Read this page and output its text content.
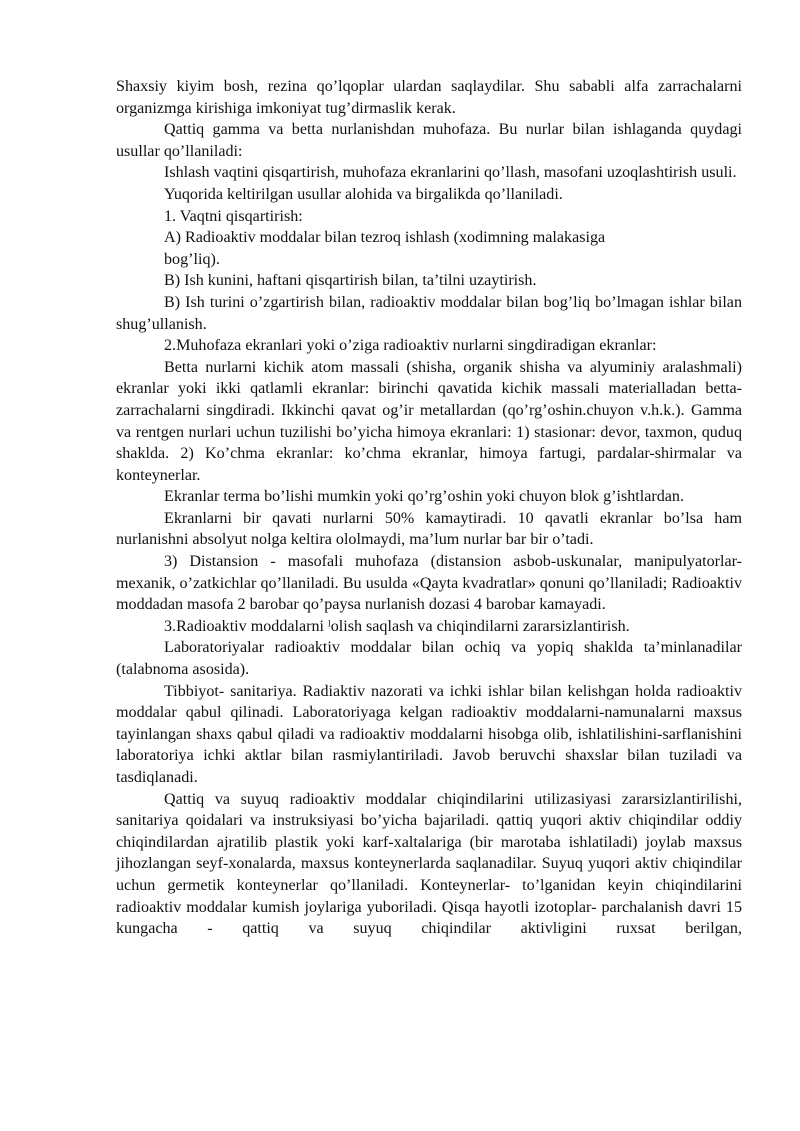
Shaxsiy kiyim bosh, rezina qo’lqoplar ulardan saqlaydilar. Shu sababli alfa zarrachalarni organizmga kirishiga imkoniyat tug’dirmaslik kerak.

Qattiq gamma va betta nurlanishdan muhofaza. Bu nurlar bilan ishlaganda quydagi usullar qo’llaniladi:

Ishlash vaqtini qisqartirish, muhofaza ekranlarini qo’llash, masofani uzoqlashtirish usuli.

Yuqorida keltirilgan usullar alohida va birgalikda qo’llaniladi.

1. Vaqtni qisqartirish:

A) Radioaktiv moddalar bilan tezroq ishlash (xodimning malakasiga

bog’liq).

B) Ish kunini, haftani qisqartirish bilan, ta’tilni uzaytirish.

B) Ish turini o’zgartirish bilan, radioaktiv moddalar bilan bog’liq bo’lmagan ishlar bilan shug’ullanish.

2.Muhofaza ekranlari yoki o’ziga radioaktiv nurlarni singdiradigan ekranlar:

Betta nurlarni kichik atom massali (shisha, organik shisha va alyuminiy aralashmali) ekranlar yoki ikki qatlamli ekranlar: birinchi qavatida kichik massali materialladan betta-zarrachalarni singdiradi. Ikkinchi qavat og’ir metallardan (qo’rg’oshin.chuyon v.h.k.). Gamma va rentgen nurlari uchun tuzilishi bo’yicha himoya ekranlari: 1) stasionar: devor, taxmon, quduq shaklda. 2) Ko’chma ekranlar: ko’chma ekranlar, himoya fartugi, pardalar-shirmalar va konteynerlar.

Ekranlar terma bo’lishi mumkin yoki qo’rg’oshin yoki chuyon blok g’ishtlardan.

Ekranlarni bir qavati nurlarni 50% kamaytiradi. 10 qavatli ekranlar bo’lsa ham nurlanishni absolyut nolga keltira ololmaydi, ma’lum nurlar bar bir o’tadi.

3) Distansion - masofali muhofaza (distansion asbob-uskunalar, manipulyatorlar- mexanik, o’zatkichlar qo’llaniladi. Bu usulda «Qayta kvadratlar» qonuni qo’llaniladi; Radioaktiv moddadan masofa 2 barobar qo’paysa nurlanish dozasi 4 barobar kamayadi.

3.Radioaktiv moddalarni ˡolish saqlash va chiqindilarni zararsizlantirish.

Laboratoriyalar radioaktiv moddalar bilan ochiq va yopiq shaklda ta’minlanadilar (talabnoma asosida).

Tibbiyot- sanitariya. Radiaktiv nazorati va ichki ishlar bilan kelishgan holda radioaktiv moddalar qabul qilinadi. Laboratoriyaga kelgan radioaktiv moddalarni-namunalarni maxsus tayinlangan shaxs qabul qiladi va radioaktiv moddalarni hisobga olib, ishlatilishini-sarflanishini laboratoriya ichki aktlar bilan rasmiylantiriladi. Javob beruvchi shaxslar bilan tuziladi va tasdiqlanadi.

Qattiq va suyuq radioaktiv moddalar chiqindilarini utilizasiyasi zararsizlantirilishi, sanitariya qoidalari va instruksiyasi bo’yicha bajariladi. qattiq yuqori aktiv chiqindilar oddiy chiqindilardan ajratilib plastik yoki karf-xaltalariga (bir marotaba ishlatiladi) joylab maxsus jihozlangan seyf-xonalarda, maxsus konteynerlarda saqlanadilar. Suyuq yuqori aktiv chiqindilar uchun germetik konteynerlar qo’llaniladi. Konteynerlar- to’lganidan keyin chiqindilarini radioaktiv moddalar kumish joylariga yuboriladi. Qisqa hayotli izotoplar- parchalanish davri 15 kungacha - qattiq va suyuq chiqindilar aktivligini ruxsat berilgan,
